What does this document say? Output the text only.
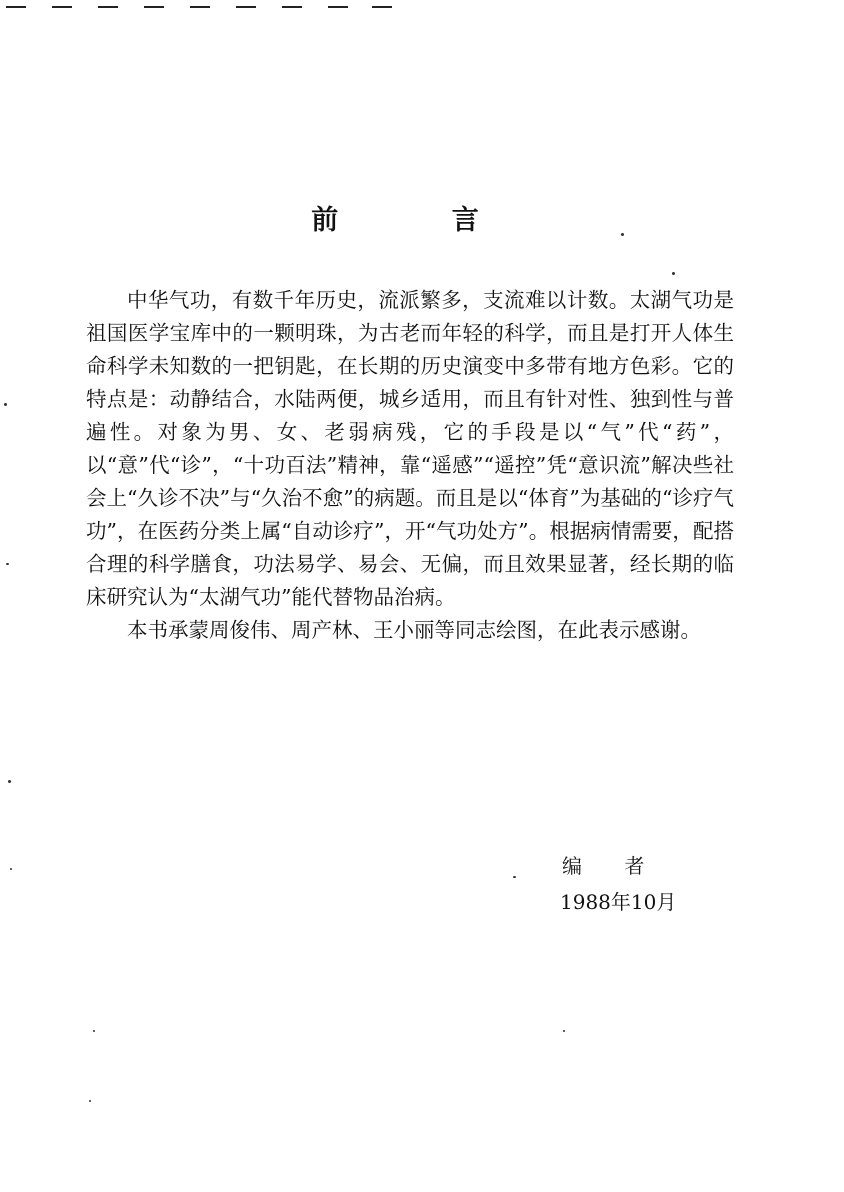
前 言

中华气功，有数千年历史，流派繁多，支流难以计数。太湖气功是祖国医学宝库中的一颗明珠，为古老而年轻的科学，而且是打开人体生命科学未知数的一把钥匙，在长期的历史演变中多带有地方色彩。它的特点是：动静结合，水陆两便，城乡适用，而且有针对性、独到性与普遍性。对象为男、女、老弱病残，它的手段是以“气”代“药”，以“意”代“诊”，“十功百法”精神，靠“遥感”“遥控”凭“意识流”解决些社会上“久诊不决”与“久治不愈”的病题。而且是以“体育”为基础的“诊疗气功”，在医药分类上属“自动诊疗”，开“气功处方”。根据病情需要，配搭合理的科学膳食，功法易学、易会、无偏，而且效果显著，经长期的临床研究认为“太湖气功”能代替物品治病。

本书承蒙周俊伟、周产林、王小丽等同志绘图，在此表示感谢。

编 者
1988年10月
